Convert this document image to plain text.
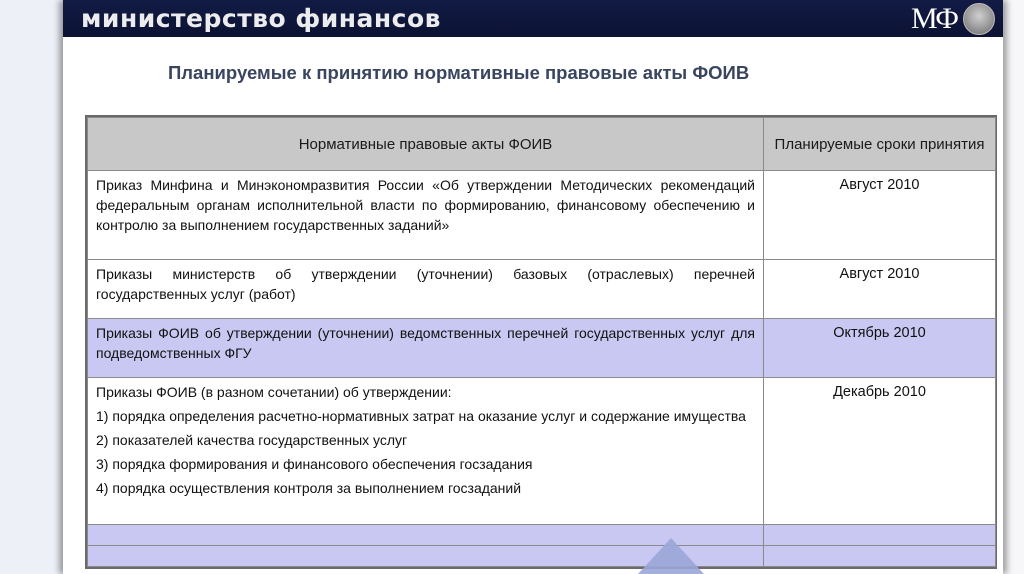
министерство финансов	МФ
Планируемые к принятию нормативные правовые акты ФОИВ
Нормативные правовые акты ФОИВ	Планируемые сроки принятия
Приказ Минфина и Минэкономразвития России «Об утверждении Методических рекомендаций федеральным органам исполнительной власти по формированию, финансовому обеспечению и контролю за выполнением государственных заданий»	Август 2010
Приказы министерств об утверждении (уточнении) базовых (отраслевых) перечней государственных услуг (работ)	Август 2010
Приказы ФОИВ об утверждении (уточнении) ведомственных перечней государственных услуг для подведомственных ФГУ	Октябрь 2010
Приказы ФОИВ (в разном сочетании) об утверждении:
1) порядка определения расчетно-нормативных затрат на оказание услуг и содержание имущества
2) показателей качества государственных услуг
3) порядка формирования и финансового обеспечения госзадания
4) порядка осуществления контроля за выполнением госзаданий	Декабрь 2010
